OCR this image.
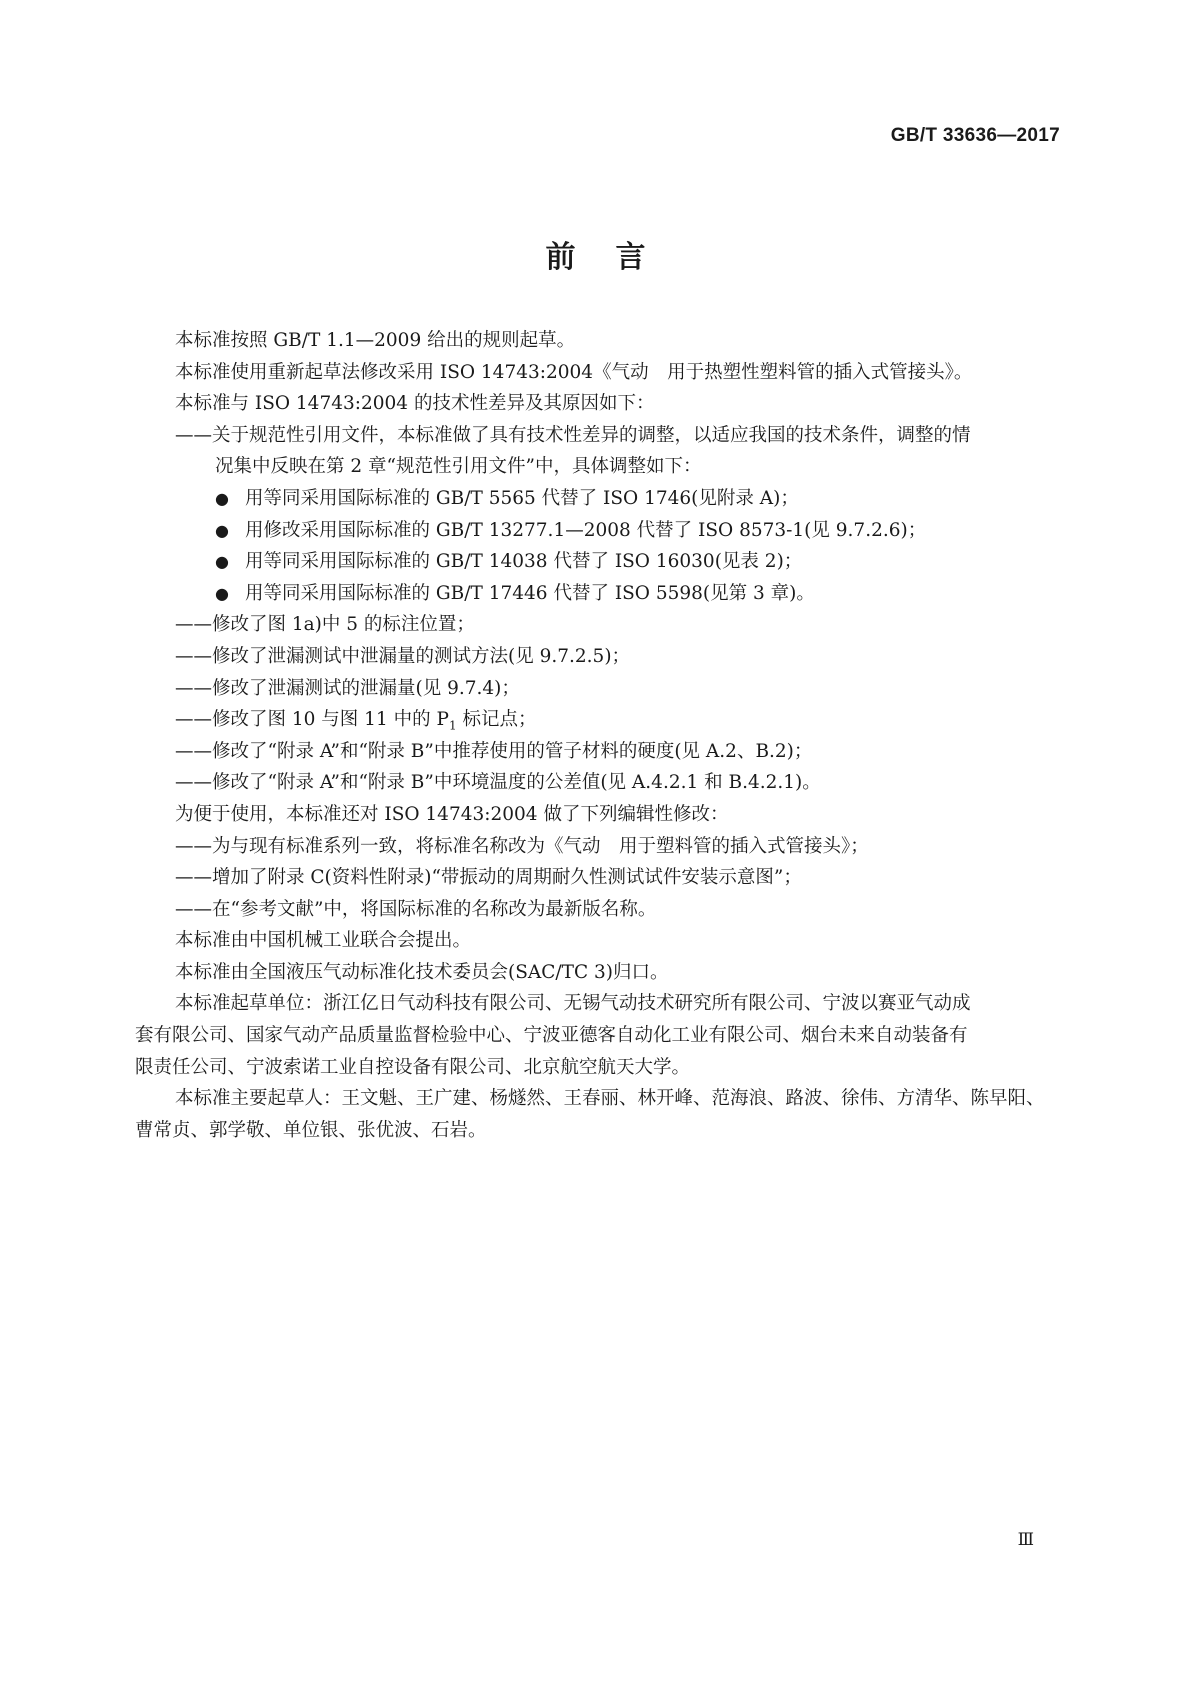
GB/T 33636—2017
前言
本标准按照 GB/T 1.1—2009 给出的规则起草。
本标准使用重新起草法修改采用 ISO 14743:2004《气动　用于热塑性塑料管的插入式管接头》。
本标准与 ISO 14743:2004 的技术性差异及其原因如下：
——关于规范性引用文件，本标准做了具有技术性差异的调整，以适应我国的技术条件，调整的情
况集中反映在第 2 章“规范性引用文件”中，具体调整如下：
● 用等同采用国际标准的 GB/T 5565 代替了 ISO 1746(见附录 A)；
● 用修改采用国际标准的 GB/T 13277.1—2008 代替了 ISO 8573-1(见 9.7.2.6)；
● 用等同采用国际标准的 GB/T 14038 代替了 ISO 16030(见表 2)；
● 用等同采用国际标准的 GB/T 17446 代替了 ISO 5598(见第 3 章)。
——修改了图 1a)中 5 的标注位置；
——修改了泄漏测试中泄漏量的测试方法(见 9.7.2.5)；
——修改了泄漏测试的泄漏量(见 9.7.4)；
——修改了图 10 与图 11 中的 $P_1$ 标记点；
——修改了“附录 A”和“附录 B”中推荐使用的管子材料的硬度(见 A.2、B.2)；
——修改了“附录 A”和“附录 B”中环境温度的公差值(见 A.4.2.1 和 B.4.2.1)。
为便于使用，本标准还对 ISO 14743:2004 做了下列编辑性修改：
——为与现有标准系列一致，将标准名称改为《气动　用于塑料管的插入式管接头》；
——增加了附录 C(资料性附录)“带振动的周期耐久性测试试件安装示意图”；
——在“参考文献”中，将国际标准的名称改为最新版名称。
本标准由中国机械工业联合会提出。
本标准由全国液压气动标准化技术委员会(SAC/TC 3)归口。
本标准起草单位：浙江亿日气动科技有限公司、无锡气动技术研究所有限公司、宁波以赛亚气动成
套有限公司、国家气动产品质量监督检验中心、宁波亚德客自动化工业有限公司、烟台未来自动装备有
限责任公司、宁波索诺工业自控设备有限公司、北京航空航天大学。
本标准主要起草人：王文魁、王广建、杨燧然、王春丽、林开峰、范海浪、路波、徐伟、方清华、陈早阳、
曹常贞、郭学敬、单位银、张优波、石岩。
Ⅲ
